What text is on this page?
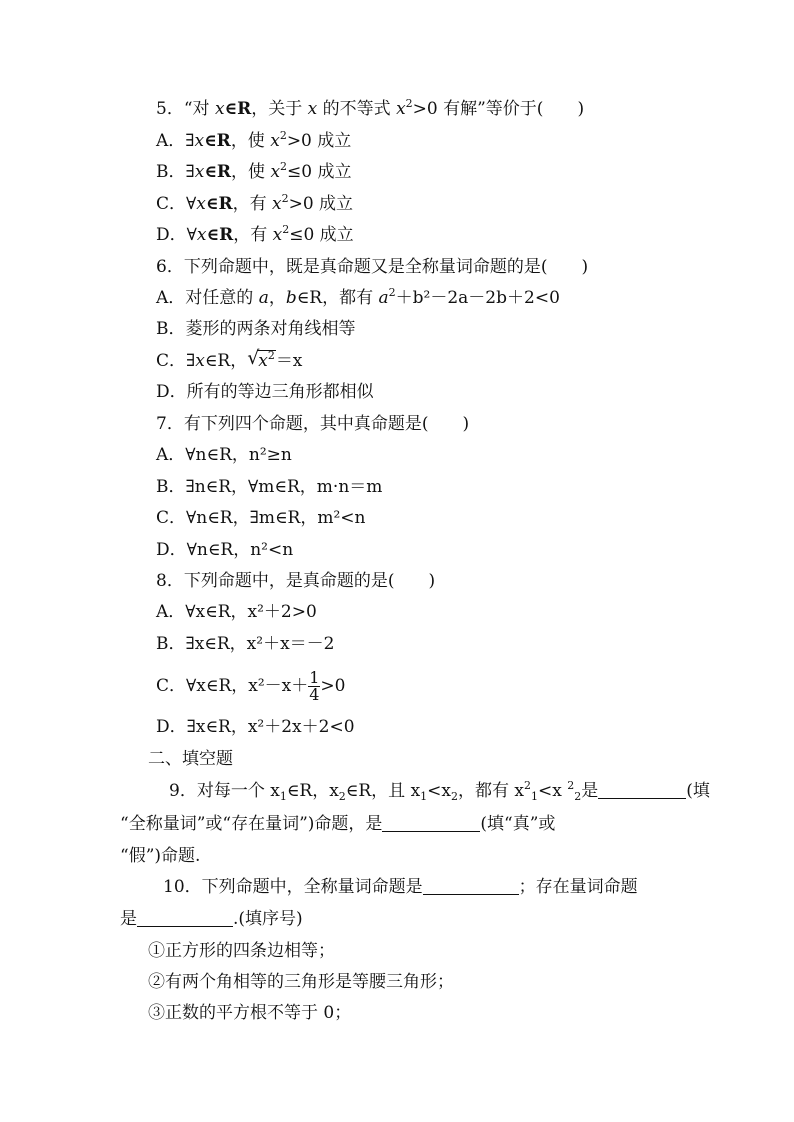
5．“对 x∈R，关于 x 的不等式 $x^2>0$ 有解”等价于(　　)
A．∃x∈R，使 $x^2>0$ 成立
B．∃x∈R，使 $x^2\le 0$ 成立
C．∀x∈R，有 $x^2>0$ 成立
D．∀x∈R，有 $x^2\le 0$ 成立
6．下列命题中，既是真命题又是全称量词命题的是(　　)
A．对任意的 a，b∈R，都有 $a^2+b^2-2a-2b+2<0$
B．菱形的两条对角线相等
C．∃x∈R， √
$x^2=x$
D．所有的等边三角形都相似
7．有下列四个命题，其中真命题是(　　)
A．∀n∈R，n²≥n
B．∃n∈R，∀m∈R，m·n＝m
C．∀n∈R，∃m∈R，m²<n
D．∀n∈R，n²<n
8．下列命题中，是真命题的是(　　)
A．∀x∈R，x²＋2>0
B．∃x∈R，x²＋x＝－2
C．∀x∈R，$x^2-x+ \frac{1}{4} >0$
D．∃x∈R，x²＋2x＋2<0
二、填空题
9．对每一个 $x_1\in R$，$x_2\in R$，且 $x_1<x_2$，都有 $x^2_1<x$ $^2_2$是	(填
“全称量词”或“存在量词”)命题，是	(填“真”或
“假”)命题.
10．下列命题中，全称量词命题是	；存在量词命题
是	.(填序号)
①正方形的四条边相等；
②有两个角相等的三角形是等腰三角形；
③正数的平方根不等于 0；
